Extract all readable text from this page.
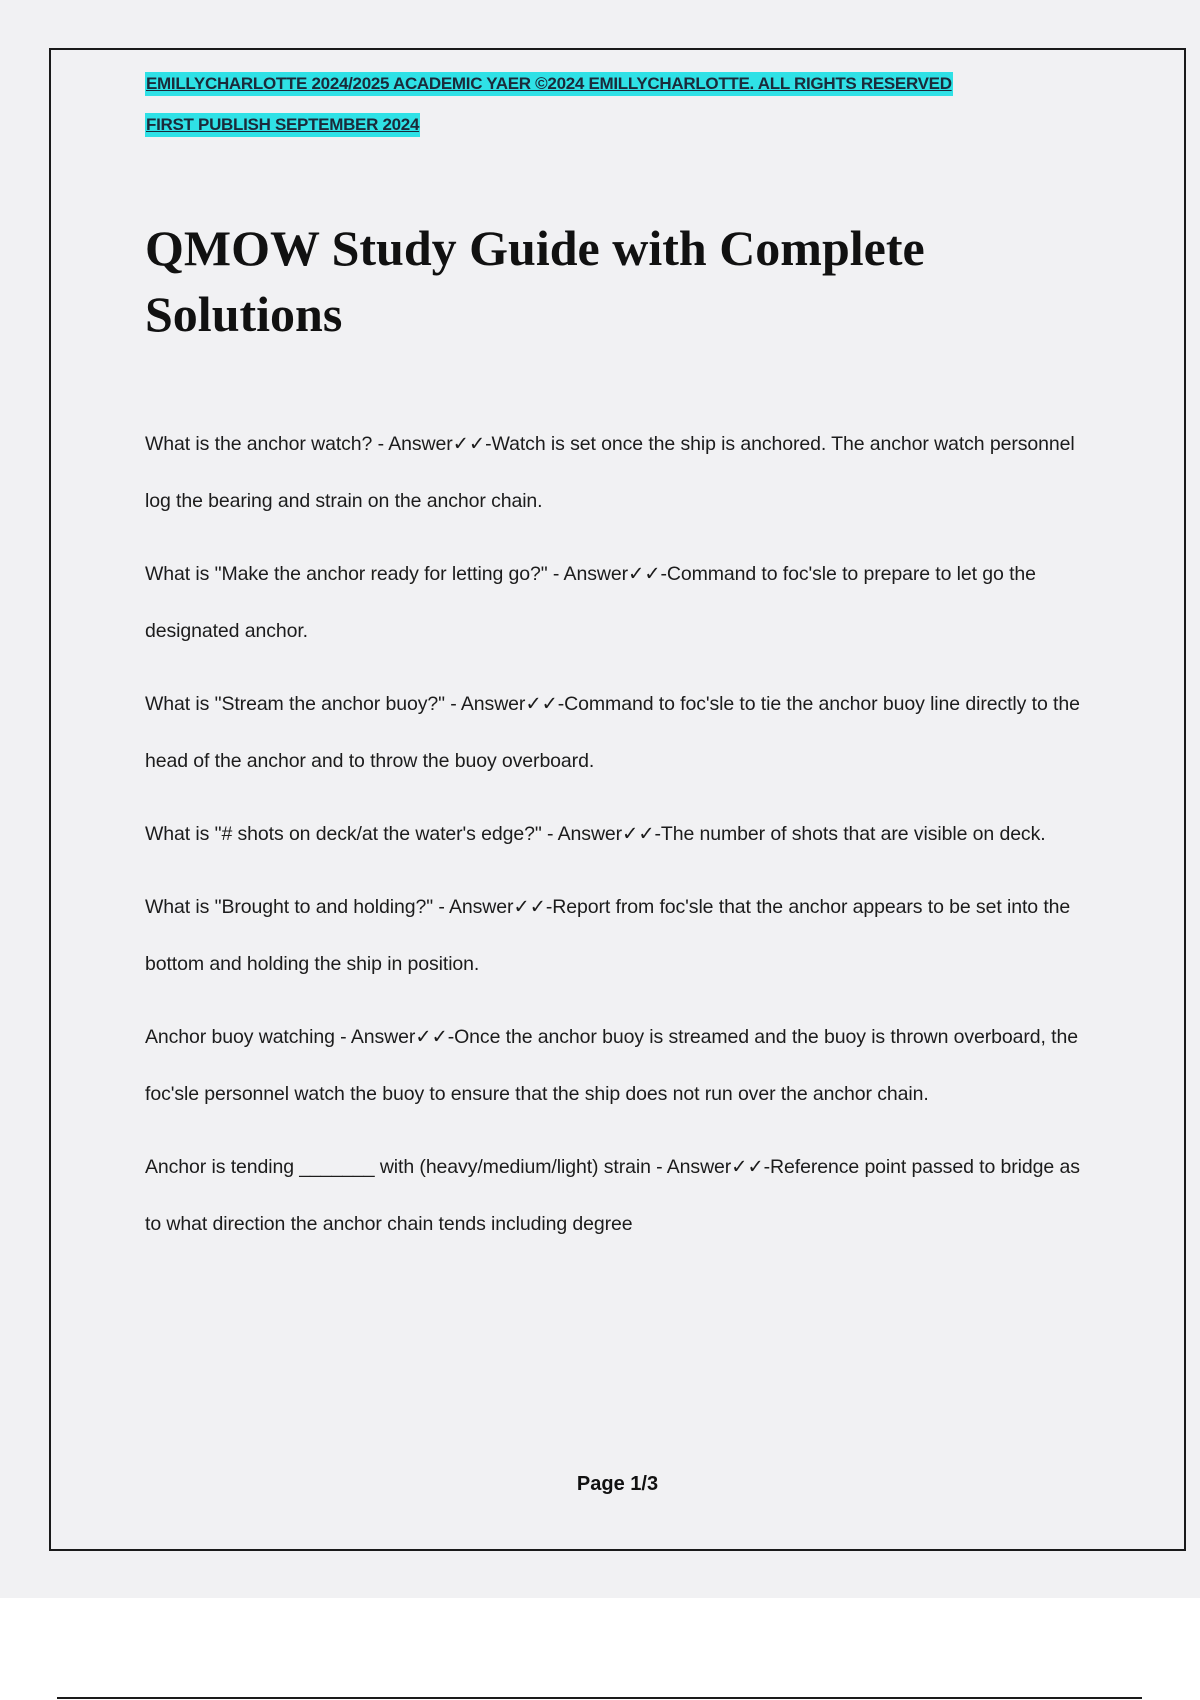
EMILLYCHARLOTTE 2024/2025 ACADEMIC YAER ©2024 EMILLYCHARLOTTE. ALL RIGHTS RESERVED
FIRST PUBLISH SEPTEMBER 2024
QMOW Study Guide with Complete Solutions

What is the anchor watch? - Answer✓✓-Watch is set once the ship is anchored. The anchor watch personnel log the bearing and strain on the anchor chain.

What is "Make the anchor ready for letting go?" - Answer✓✓-Command to foc'sle to prepare to let go the designated anchor.

What is "Stream the anchor buoy?" - Answer✓✓-Command to foc'sle to tie the anchor buoy line directly to the head of the anchor and to throw the buoy overboard.

What is "# shots on deck/at the water's edge?" - Answer✓✓-The number of shots that are visible on deck.

What is "Brought to and holding?" - Answer✓✓-Report from foc'sle that the anchor appears to be set into the bottom and holding the ship in position.

Anchor buoy watching - Answer✓✓-Once the anchor buoy is streamed and the buoy is thrown overboard, the foc'sle personnel watch the buoy to ensure that the ship does not run over the anchor chain.

Anchor is tending _______ with (heavy/medium/light) strain - Answer✓✓-Reference point passed to bridge as to what direction the anchor chain tends including degree

Page 1/3
